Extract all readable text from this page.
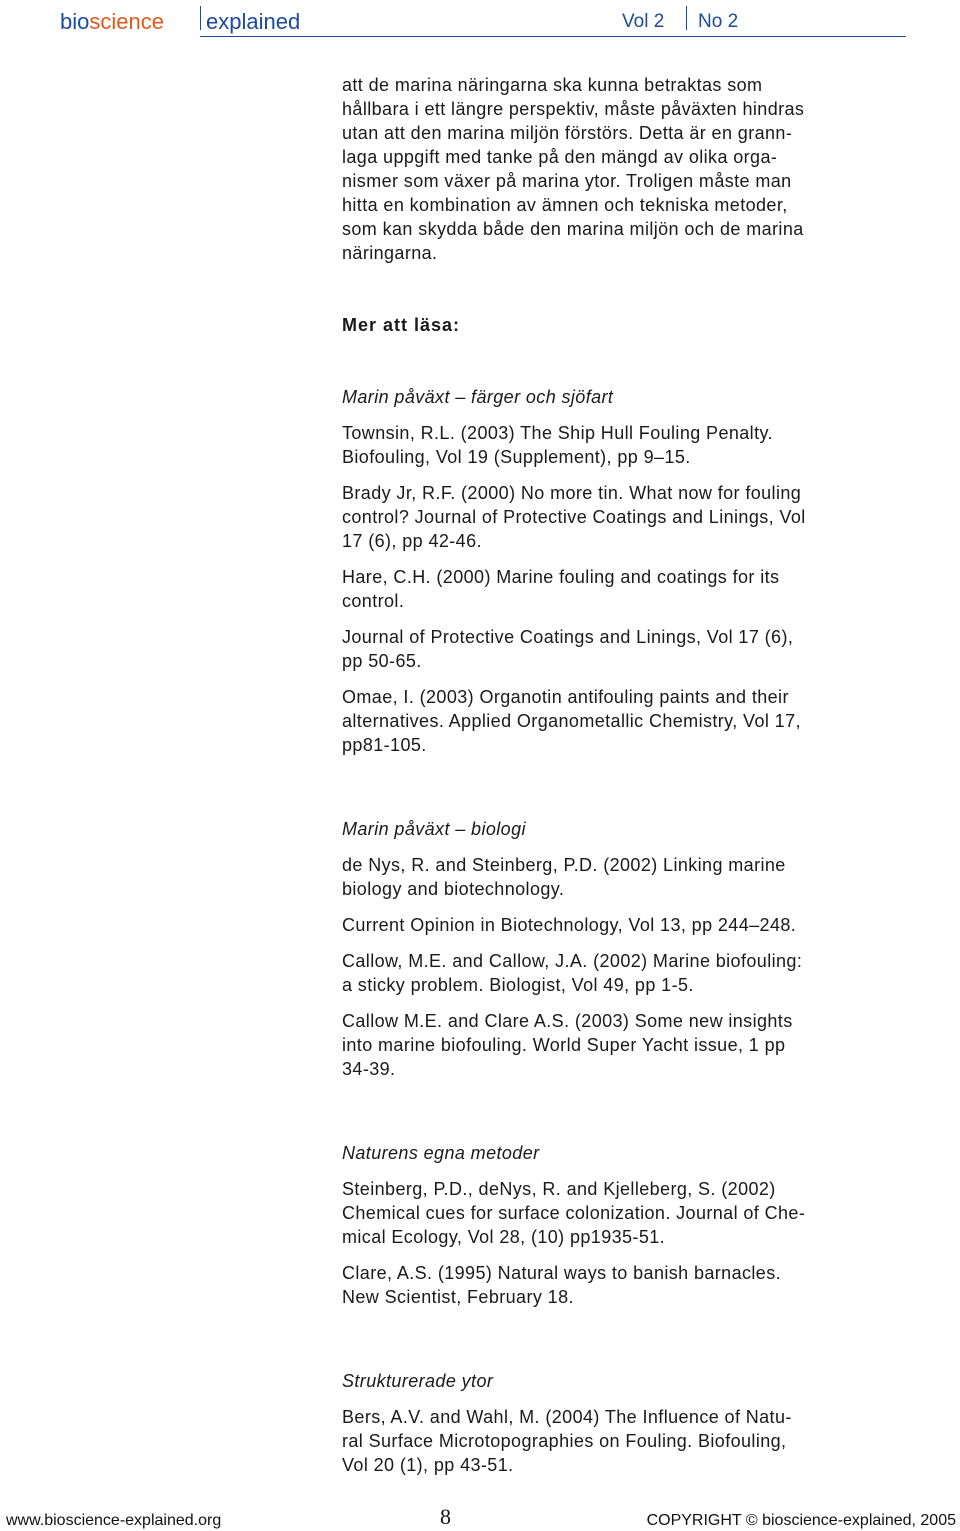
bioscience explained	Vol 2 No 2

att de marina näringarna ska kunna betraktas som
hållbara i ett längre perspektiv, måste påväxten hindras
utan att den marina miljön förstörs. Detta är en grann-
laga uppgift med tanke på den mängd av olika orga-
nismer som växer på marina ytor. Troligen måste man
hitta en kombination av ämnen och tekniska metoder,
som kan skydda både den marina miljön och de marina
näringarna.

Mer att läsa:

Marin påväxt – färger och sjöfart

Townsin, R.L. (2003) The Ship Hull Fouling Penalty.
Biofouling, Vol 19 (Supplement), pp 9–15.

Brady Jr, R.F. (2000) No more tin. What now for fouling
control? Journal of Protective Coatings and Linings, Vol
17 (6), pp 42-46.

Hare, C.H. (2000) Marine fouling and coatings for its
control.

Journal of Protective Coatings and Linings, Vol 17 (6),
pp 50-65.

Omae, I. (2003) Organotin antifouling paints and their
alternatives. Applied Organometallic Chemistry, Vol 17,
pp81-105.

Marin påväxt – biologi

de Nys, R. and Steinberg, P.D. (2002) Linking marine
biology and biotechnology.

Current Opinion in Biotechnology, Vol 13, pp 244–248.

Callow, M.E. and Callow, J.A. (2002) Marine biofouling:
a sticky problem. Biologist, Vol 49, pp 1-5.

Callow M.E. and Clare A.S. (2003) Some new insights
into marine biofouling. World Super Yacht issue, 1 pp
34-39.

Naturens egna metoder

Steinberg, P.D., deNys, R. and Kjelleberg, S. (2002)
Chemical cues for surface colonization. Journal of Che-
mical Ecology, Vol 28, (10) pp1935-51.

Clare, A.S. (1995) Natural ways to banish barnacles.
New Scientist, February 18.

Strukturerade ytor

Bers, A.V. and Wahl, M. (2004) The Influence of Natu-
ral Surface Microtopographies on Fouling. Biofouling,
Vol 20 (1), pp 43-51.

www.bioscience-explained.org	8	COPYRIGHT © bioscience-explained, 2005
